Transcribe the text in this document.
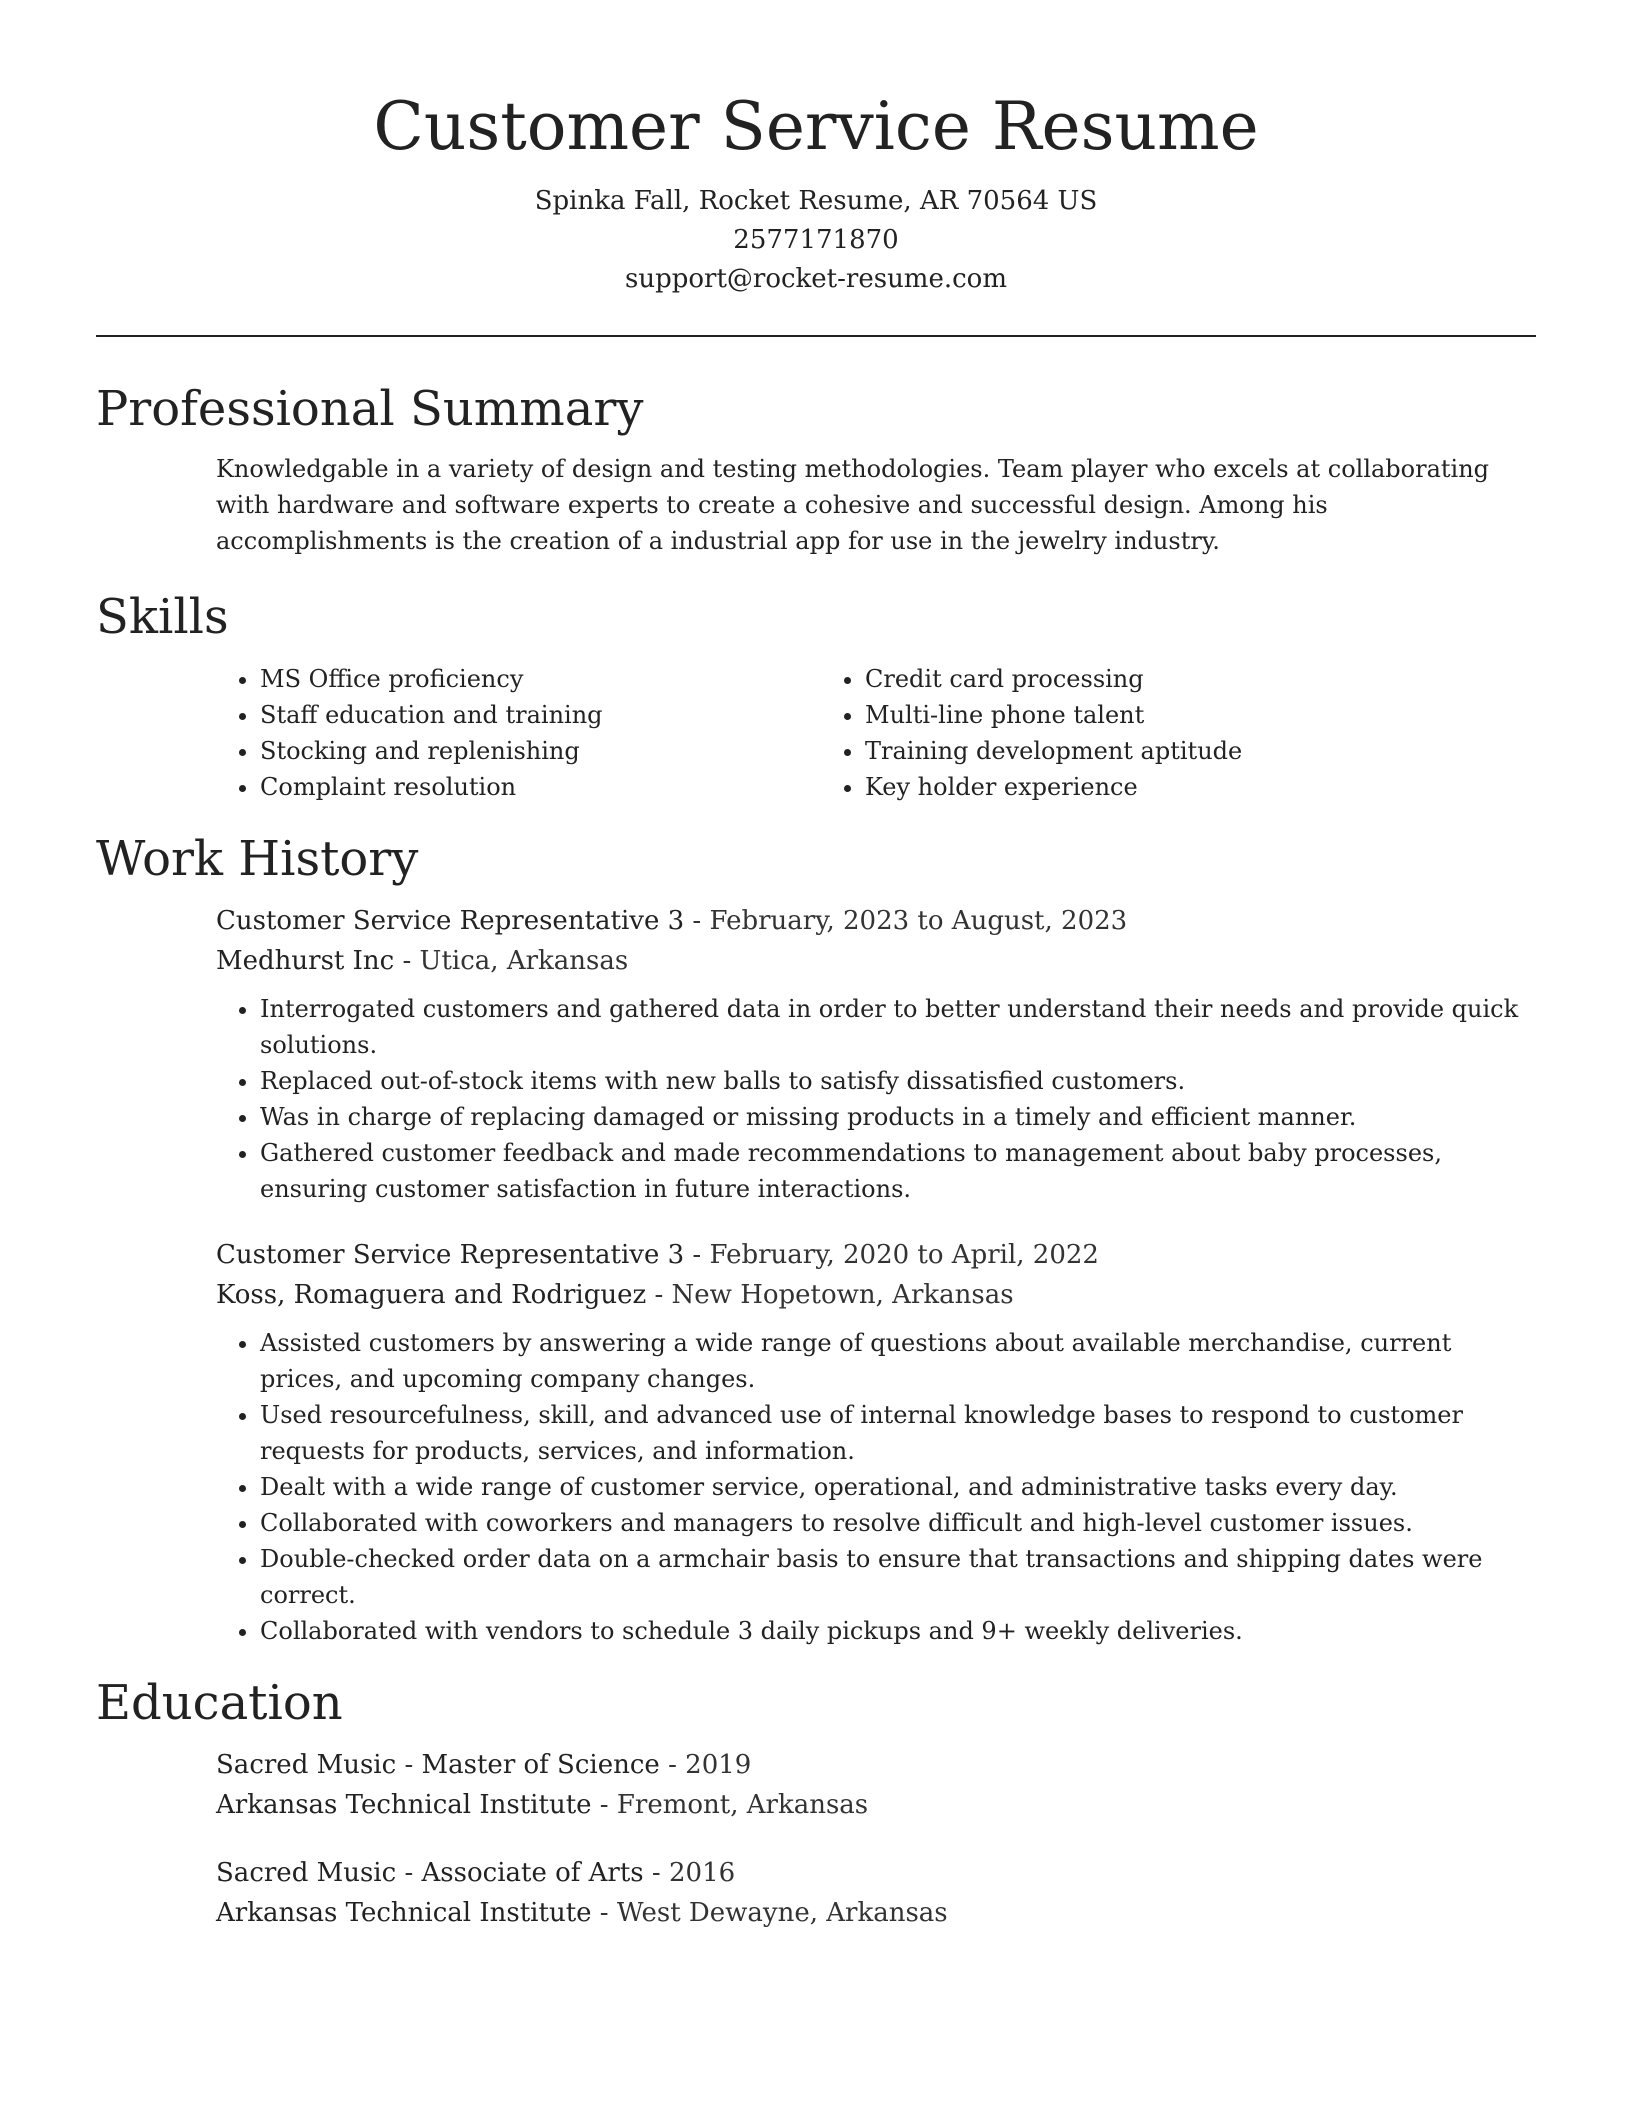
Customer Service Resume

Spinka Fall, Rocket Resume, AR 70564 US

2577171870

support@rocket-resume.com

Professional Summary

Knowledgable in a variety of design and testing methodologies. Team player who excels at collaborating with hardware and software experts to create a cohesive and successful design. Among his accomplishments is the creation of a industrial app for use in the jewelry industry.

Skills
• MS Office proficiency
• Staff education and training
• Stocking and replenishing
• Complaint resolution
• Credit card processing
• Multi-line phone talent
• Training development aptitude
• Key holder experience
Work History

Customer Service Representative 3 - February, 2023 to August, 2023

Medhurst Inc - Utica, Arkansas

• Interrogated customers and gathered data in order to better understand their needs and provide quick solutions.
• Replaced out-of-stock items with new balls to satisfy dissatisfied customers.
• Was in charge of replacing damaged or missing products in a timely and efficient manner.
• Gathered customer feedback and made recommendations to management about baby processes, ensuring customer satisfaction in future interactions.

Customer Service Representative 3 - February, 2020 to April, 2022

Koss, Romaguera and Rodriguez - New Hopetown, Arkansas

• Assisted customers by answering a wide range of questions about available merchandise, current prices, and upcoming company changes.
• Used resourcefulness, skill, and advanced use of internal knowledge bases to respond to customer requests for products, services, and information.
• Dealt with a wide range of customer service, operational, and administrative tasks every day.
• Collaborated with coworkers and managers to resolve difficult and high-level customer issues.
• Double-checked order data on a armchair basis to ensure that transactions and shipping dates were correct.
• Collaborated with vendors to schedule 3 daily pickups and 9+ weekly deliveries.
Education

Sacred Music - Master of Science - 2019

Arkansas Technical Institute - Fremont, Arkansas

Sacred Music - Associate of Arts - 2016

Arkansas Technical Institute - West Dewayne, Arkansas
